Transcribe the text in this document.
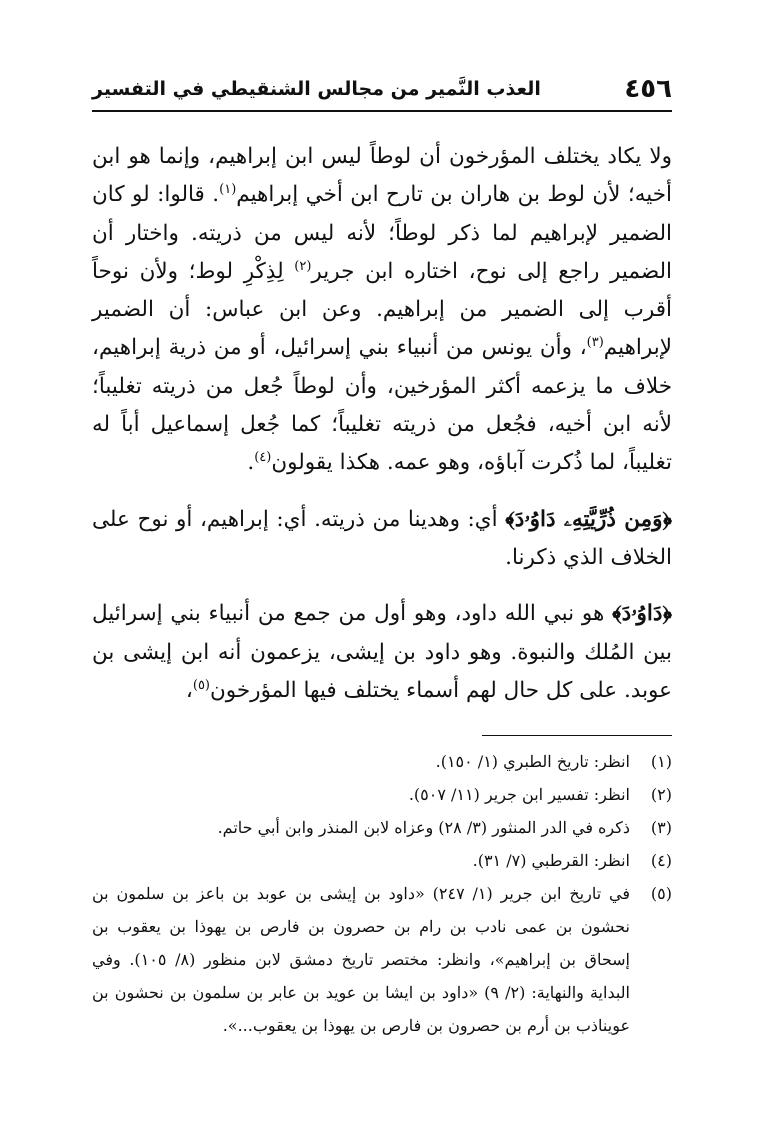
٤٥٦
العذب النَّمير من مجالس الشنقيطي في التفسير

ولا يكاد يختلف المؤرخون أن لوطاً ليس ابن إبراهيم، وإنما هو ابن أخيه؛ لأن لوط بن هاران بن تارح ابن أخي إبراهيم$^{(١)}$. قالوا: لو كان الضمير لإبراهيم لما ذكر لوطاً؛ لأنه ليس من ذريته. واختار أن الضمير راجع إلى نوح، اختاره ابن جرير$^{(٢)}$ لِذِكْرِ لوط؛ ولأن نوحاً أقرب إلى الضمير من إبراهيم. وعن ابن عباس: أن الضمير لإبراهيم$^{(٣)}$، وأن يونس من أنبياء بني إسرائيل، أو من ذرية إبراهيم، خلاف ما يزعمه أكثر المؤرخين، وأن لوطاً جُعل من ذريته تغليباً؛ لأنه ابن أخيه، فجُعل من ذريته تغليباً؛ كما جُعل إسماعيل أباً له تغليباً، لما ذُكرت آباؤه، وهو عمه. هكذا يقولون$^{(٤)}$.

﴿وَمِن ذُرِّيَّتِهِۦ دَاوُۥدَ﴾ أي: وهدينا من ذريته. أي: إبراهيم، أو نوح على الخلاف الذي ذكرنا.

﴿دَاوُۥدَ﴾ هو نبي الله داود، وهو أول من جمع من أنبياء بني إسرائيل بين المُلك والنبوة. وهو داود بن إيشى، يزعمون أنه ابن إيشى بن عوبد. على كل حال لهم أسماء يختلف فيها المؤرخون$^{(٥)}$،

(١)
انظر: تاريخ الطبري (١/ ١٥٠).
(٢)
انظر: تفسير ابن جرير (١١/ ٥٠٧).
(٣)
ذكره في الدر المنثور (٣/ ٢٨) وعزاه لابن المنذر وابن أبي حاتم.
(٤)
انظر: القرطبي (٧/ ٣١).
(٥)
في تاريخ ابن جرير (١/ ٢٤٧) «داود بن إيشى بن عوبد بن باعز بن سلمون بن نحشون بن عمى نادب بن رام بن حصرون بن فارص بن يهوذا بن يعقوب بن إسحاق بن إبراهيم»، وانظر: مختصر تاريخ دمشق لابن منظور (٨/ ١٠٥). وفي البداية والنهاية: (٢/ ٩) «داود بن ايشا بن عويد بن عابر بن سلمون بن نحشون بن عويناذب بن أرم بن حصرون بن فارص بن يهوذا بن يعقوب...».
